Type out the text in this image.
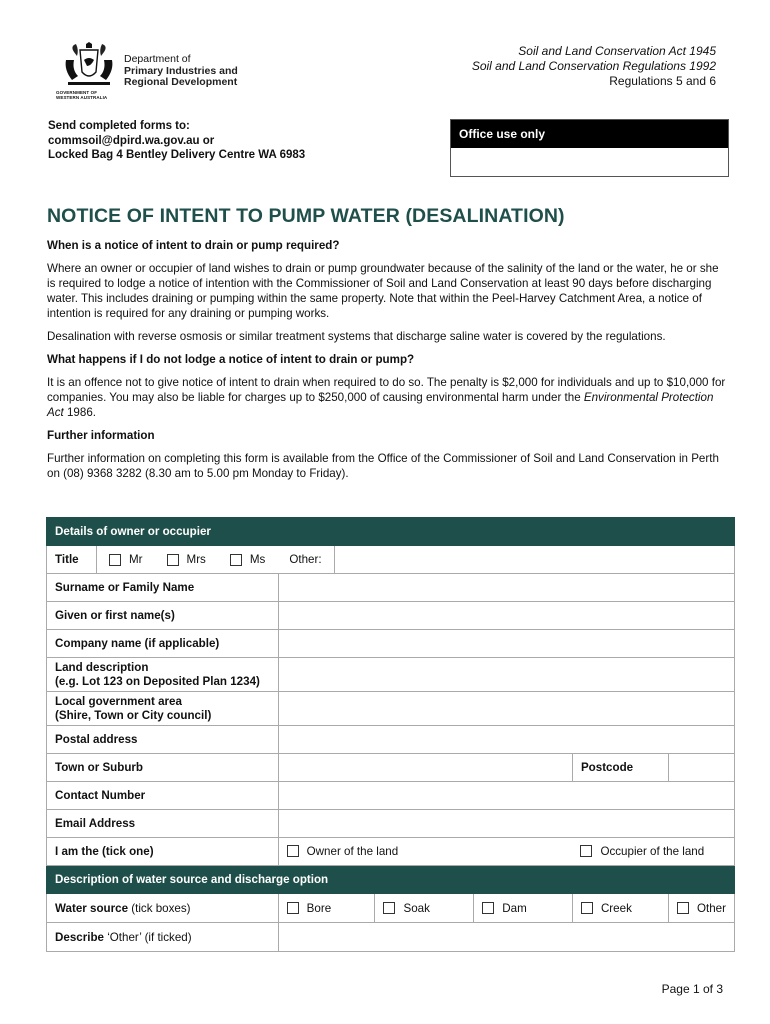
GOVERNMENT OF
WESTERN AUSTRALIA
Department of
Primary Industries and
Regional Development
Soil and Land Conservation Act 1945
Soil and Land Conservation Regulations 1992
Regulations 5 and 6
Send completed forms to:
commsoil@dpird.wa.gov.au or
Locked Bag 4 Bentley Delivery Centre WA 6983
Office use only
NOTICE OF INTENT TO PUMP WATER (DESALINATION)
When is a notice of intent to drain or pump required?

Where an owner or occupier of land wishes to drain or pump groundwater because of the salinity of the land or the water, he or she is required to lodge a notice of intention with the Commissioner of Soil and Land Conservation at least 90 days before discharging water. This includes draining or pumping within the same property. Note that within the Peel-Harvey Catchment Area, a notice of intention is required for any draining or pumping works.

Desalination with reverse osmosis or similar treatment systems that discharge saline water is covered by the regulations.

What happens if I do not lodge a notice of intent to drain or pump?

It is an offence not to give notice of intent to drain when required to do so. The penalty is $2,000 for individuals and up to $10,000 for companies. You may also be liable for charges up to $250,000 of causing environmental harm under the Environmental Protection Act 1986.

Further information

Further information on completing this form is available from the Office of the Commissioner of Soil and Land Conservation in Perth on (08) 9368 3282 (8.30 am to 5.00 pm Monday to Friday).

Details of owner or occupier					

Title Mr Mrs Ms Other:					

Surname or Family Name					
Given or first name(s)					
Company name (if applicable)					

Land description
(e.g. Lot 123 on Deposited Plan 1234)					

Local government area
(Shire, Town or City council)					

Postal address					
Town or Suburb				Postcode	
Contact Number					
Email Address					
I am the (tick one)	Owner of the land			Occupier of the land	
Description of water source and discharge option					
Water source (tick boxes)	Bore	Soak	Dam	Creek	Other
Describe ‘Other’ (if ticked)					
Page 1 of 3
